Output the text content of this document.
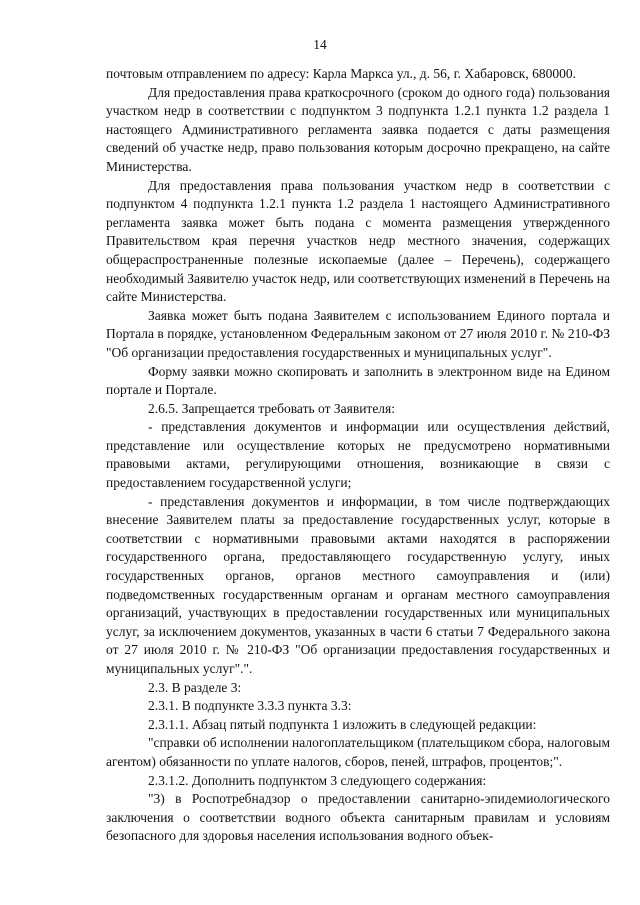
14

почтовым отправлением по адресу: Карла Маркса ул., д. 56, г. Хабаровск, 680000.

Для предоставления права краткосрочного (сроком до одного года) пользования участком недр в соответствии с подпунктом 3 подпункта 1.2.1 пункта 1.2 раздела 1 настоящего Административного регламента заявка подается с даты размещения сведений об участке недр, право пользования которым досрочно прекращено, на сайте Министерства.

Для предоставления права пользования участком недр в соответствии с подпунктом 4 подпункта 1.2.1 пункта 1.2 раздела 1 настоящего Административного регламента заявка может быть подана с момента размещения утвержденного Правительством края перечня участков недр местного значения, содержащих общераспространенные полезные ископаемые (далее – Перечень), содержащего необходимый Заявителю участок недр, или соответствующих изменений в Перечень на сайте Министерства.

Заявка может быть подана Заявителем с использованием Единого портала и Портала в порядке, установленном Федеральным законом от 27 июля 2010 г. № 210-ФЗ "Об организации предоставления государственных и муниципальных услуг".

Форму заявки можно скопировать и заполнить в электронном виде на Едином портале и Портале.

2.6.5. Запрещается требовать от Заявителя:

- представления документов и информации или осуществления действий, представление или осуществление которых не предусмотрено нормативными правовыми актами, регулирующими отношения, возникающие в связи с предоставлением государственной услуги;

- представления документов и информации, в том числе подтверждающих внесение Заявителем платы за предоставление государственных услуг, которые в соответствии с нормативными правовыми актами находятся в распоряжении государственного органа, предоставляющего государственную услугу, иных государственных органов, органов местного самоуправления и (или) подведомственных государственным органам и органам местного самоуправления организаций, участвующих в предоставлении государственных или муниципальных услуг, за исключением документов, указанных в части 6 статьи 7 Федерального закона от 27 июля 2010 г. № 210-ФЗ "Об организации предоставления государственных и муниципальных услуг".".

2.3. В разделе 3:

2.3.1. В подпункте 3.3.3 пункта 3.3:

2.3.1.1. Абзац пятый подпункта 1 изложить в следующей редакции:

"справки об исполнении налогоплательщиком (плательщиком сбора, налоговым агентом) обязанности по уплате налогов, сборов, пеней, штрафов, процентов;".

2.3.1.2. Дополнить подпунктом 3 следующего содержания:

"3) в Роспотребнадзор о предоставлении санитарно-эпидемиологического заключения о соответствии водного объекта санитарным правилам и условиям безопасного для здоровья населения использования водного объек-
